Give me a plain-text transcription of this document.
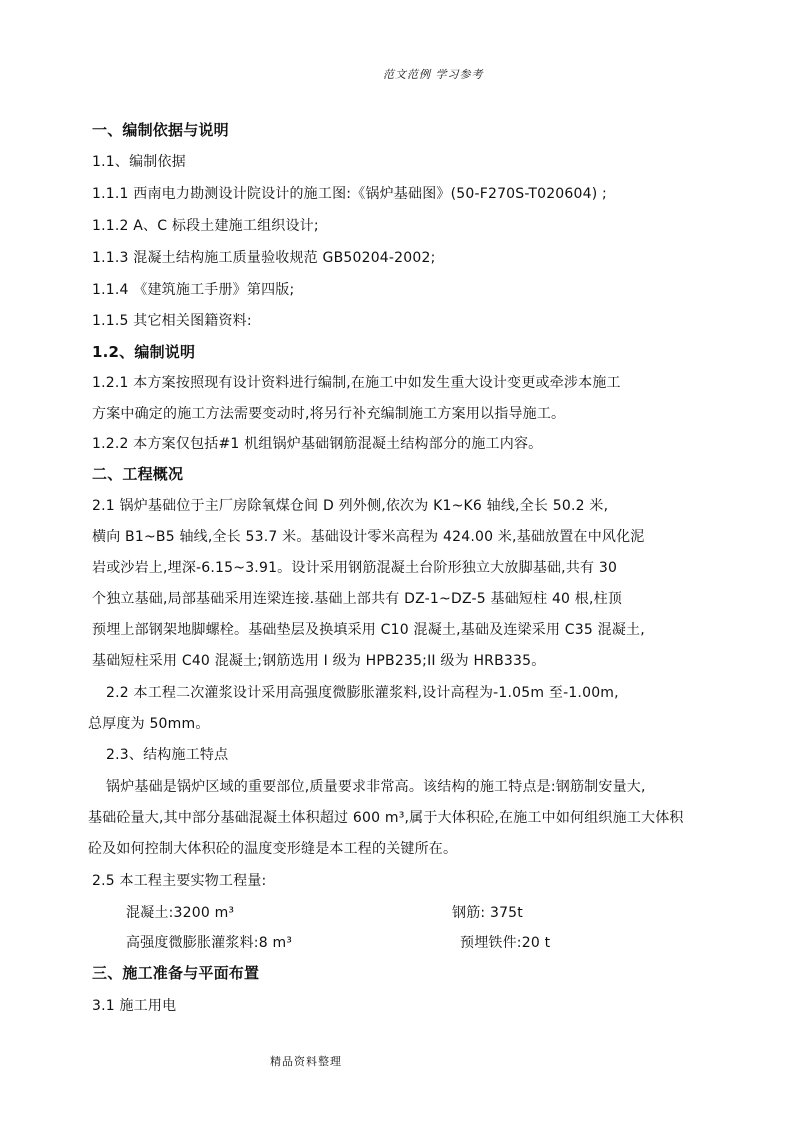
范文范例 学习参考
一、编制依据与说明
1.1、编制依据
1.1.1 西南电力勘测设计院设计的施工图:《锅炉基础图》(50-F270S-T020604) ;
1.1.2 A、C 标段土建施工组织设计;
1.1.3 混凝土结构施工质量验收规范 GB50204-2002;
1.1.4 《建筑施工手册》第四版;
1.1.5 其它相关图籍资料:
1.2、编制说明
1.2.1 本方案按照现有设计资料进行编制,在施工中如发生重大设计变更或牵涉本施工
方案中确定的施工方法需要变动时,将另行补充编制施工方案用以指导施工。
1.2.2 本方案仅包括#1 机组锅炉基础钢筋混凝土结构部分的施工内容。
二、工程概况
2.1 锅炉基础位于主厂房除氧煤仓间 D 列外侧,依次为 K1~K6 轴线,全长 50.2 米,
横向 B1~B5 轴线,全长 53.7 米。基础设计零米高程为 424.00 米,基础放置在中风化泥
岩或沙岩上,埋深-6.15~3.91。设计采用钢筋混凝土台阶形独立大放脚基础,共有 30
个独立基础,局部基础采用连梁连接.基础上部共有 DZ-1~DZ-5 基础短柱 40 根,柱顶
预埋上部钢架地脚螺栓。基础垫层及换填采用 C10 混凝土,基础及连梁采用 C35 混凝土,
基础短柱采用 C40 混凝土;钢筋选用 I 级为 HPB235;II 级为 HRB335。
2.2 本工程二次灌浆设计采用高强度微膨胀灌浆料,设计高程为-1.05m 至-1.00m,
总厚度为 50mm。
2.3、结构施工特点
锅炉基础是锅炉区域的重要部位,质量要求非常高。该结构的施工特点是:钢筋制安量大,
基础砼量大,其中部分基础混凝土体积超过 600 m³,属于大体积砼,在施工中如何组织施工大体积
砼及如何控制大体积砼的温度变形缝是本工程的关键所在。
2.5 本工程主要实物工程量:
混凝土:3200 m³	钢筋: 375t
高强度微膨胀灌浆料:8 m³	预埋铁件:20 t
三、施工准备与平面布置
3.1 施工用电
精品资料整理
